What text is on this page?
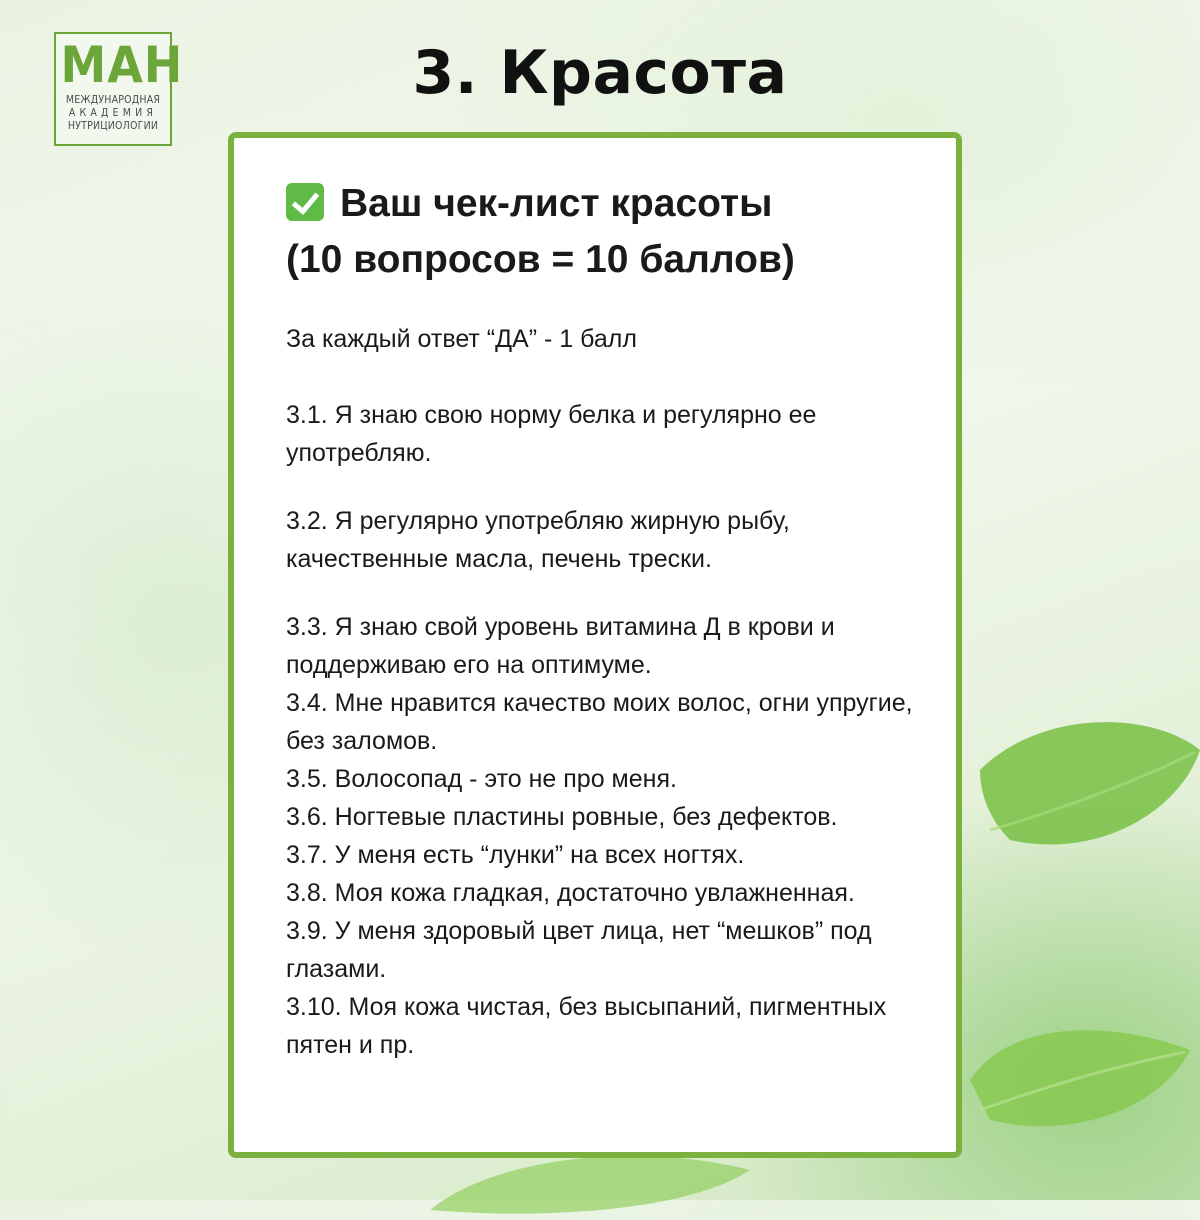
МАН
МЕЖДУНАРОДНАЯ
АКАДЕМИЯ
НУТРИЦИОЛОГИИ
3. Красота
Ваш чек-лист красоты
(10 вопросов = 10 баллов)
За каждый ответ “ДА” - 1 балл
3.1. Я знаю свою норму белка и регулярно ее употребляю.
3.2. Я регулярно употребляю жирную рыбу, качественные масла, печень трески.
3.3. Я знаю свой уровень витамина Д в крови и поддерживаю его на оптимуме.
3.4. Мне нравится качество моих волос, огни упругие, без заломов.
3.5. Волосопад - это не про меня.
3.6. Ногтевые пластины ровные, без дефектов.
3.7. У меня есть “лунки” на всех ногтях.
3.8. Моя кожа гладкая, достаточно увлажненная.
3.9. У меня здоровый цвет лица, нет “мешков” под глазами.
3.10. Моя кожа чистая, без высыпаний, пигментных пятен и пр.
